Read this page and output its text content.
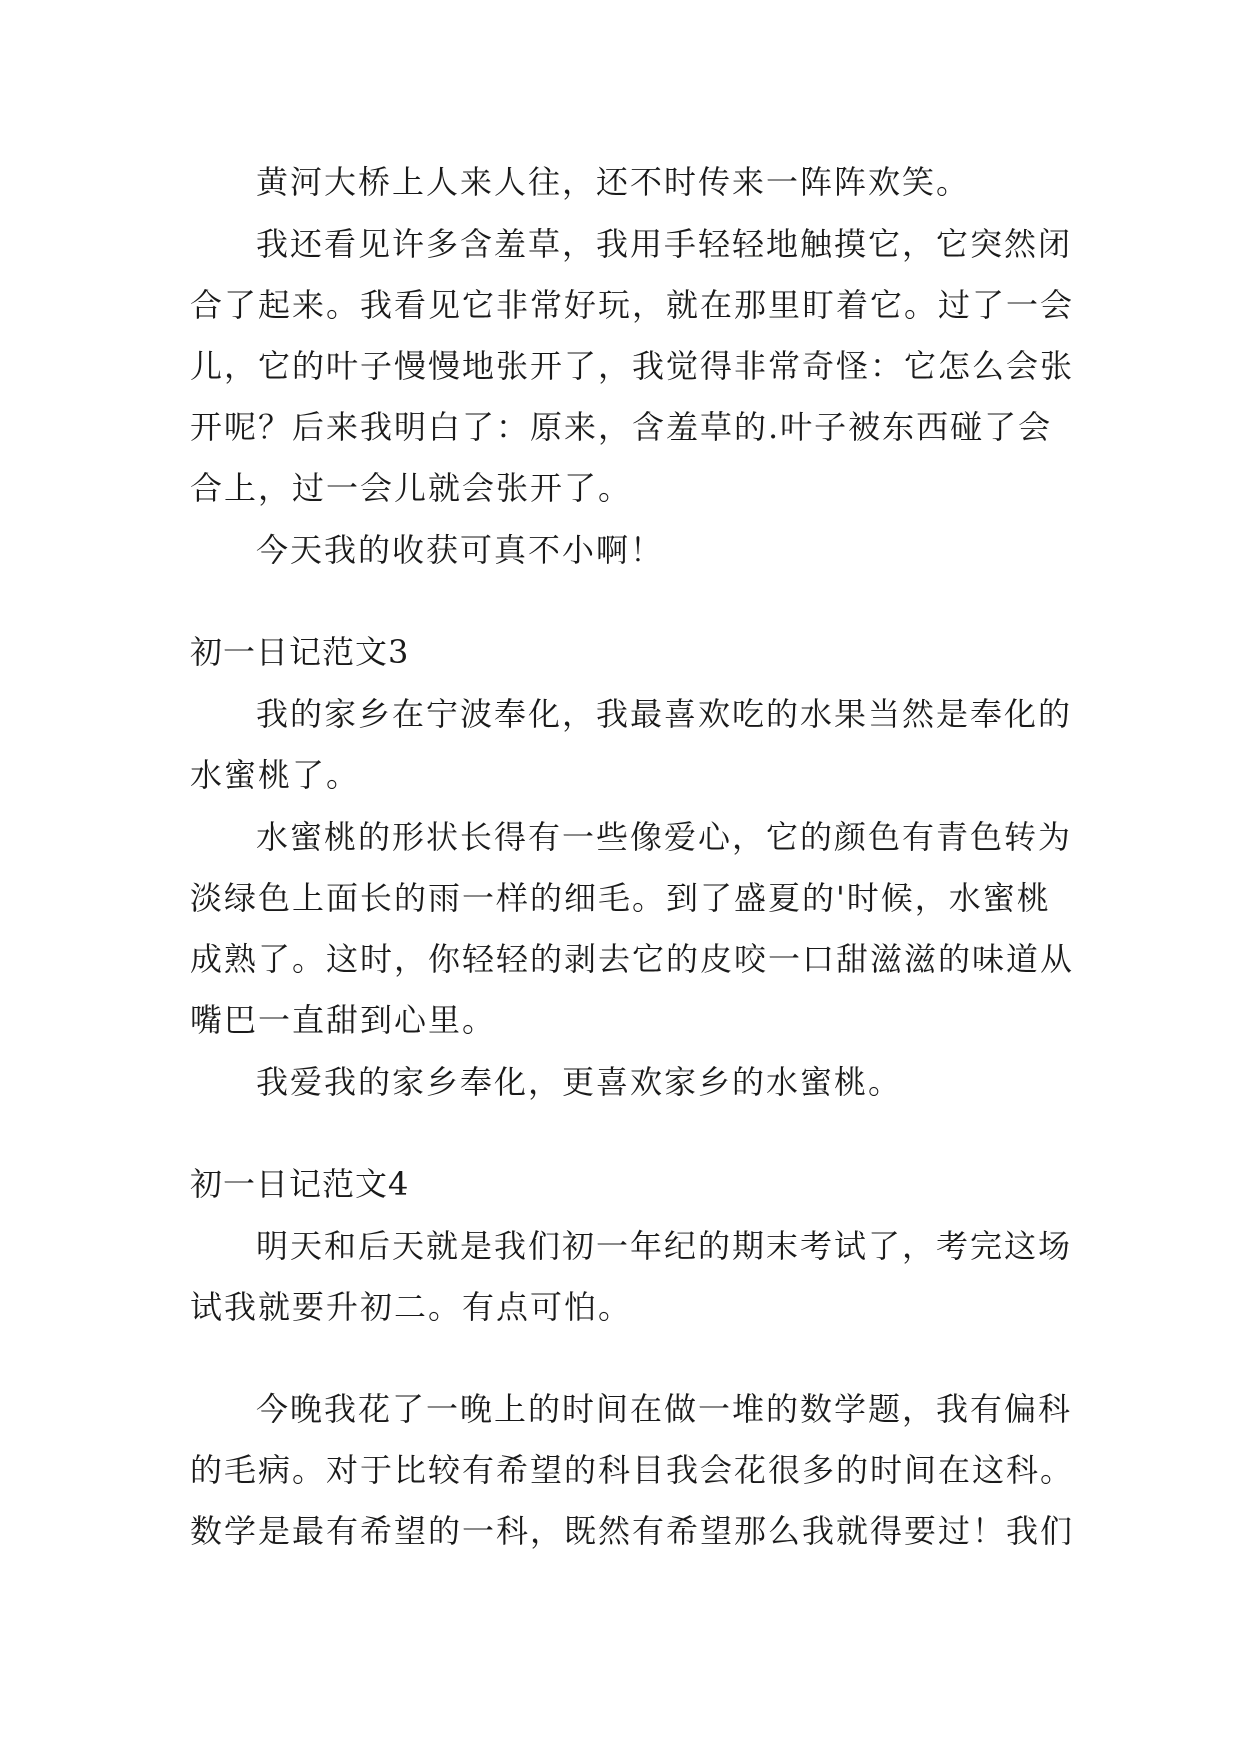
黄河大桥上人来人往，还不时传来一阵阵欢笑。
我还看见许多含羞草，我用手轻轻地触摸它，它突然闭
合了起来。我看见它非常好玩，就在那里盯着它。过了一会
儿，它的叶子慢慢地张开了，我觉得非常奇怪：它怎么会张
开呢？后来我明白了：原来，含羞草的.叶子被东西碰了会
合上，过一会儿就会张开了。
今天我的收获可真不小啊！
初一日记范文3
我的家乡在宁波奉化，我最喜欢吃的水果当然是奉化的
水蜜桃了。
水蜜桃的形状长得有一些像爱心，它的颜色有青色转为
淡绿色上面长的雨一样的细毛。到了盛夏的'时候，水蜜桃
成熟了。这时，你轻轻的剥去它的皮咬一口甜滋滋的味道从
嘴巴一直甜到心里。
我爱我的家乡奉化，更喜欢家乡的水蜜桃。
初一日记范文4
明天和后天就是我们初一年纪的期末考试了，考完这场
试我就要升初二。有点可怕。
今晚我花了一晚上的时间在做一堆的数学题，我有偏科
的毛病。对于比较有希望的科目我会花很多的时间在这科。
数学是最有希望的一科，既然有希望那么我就得要过！我们
